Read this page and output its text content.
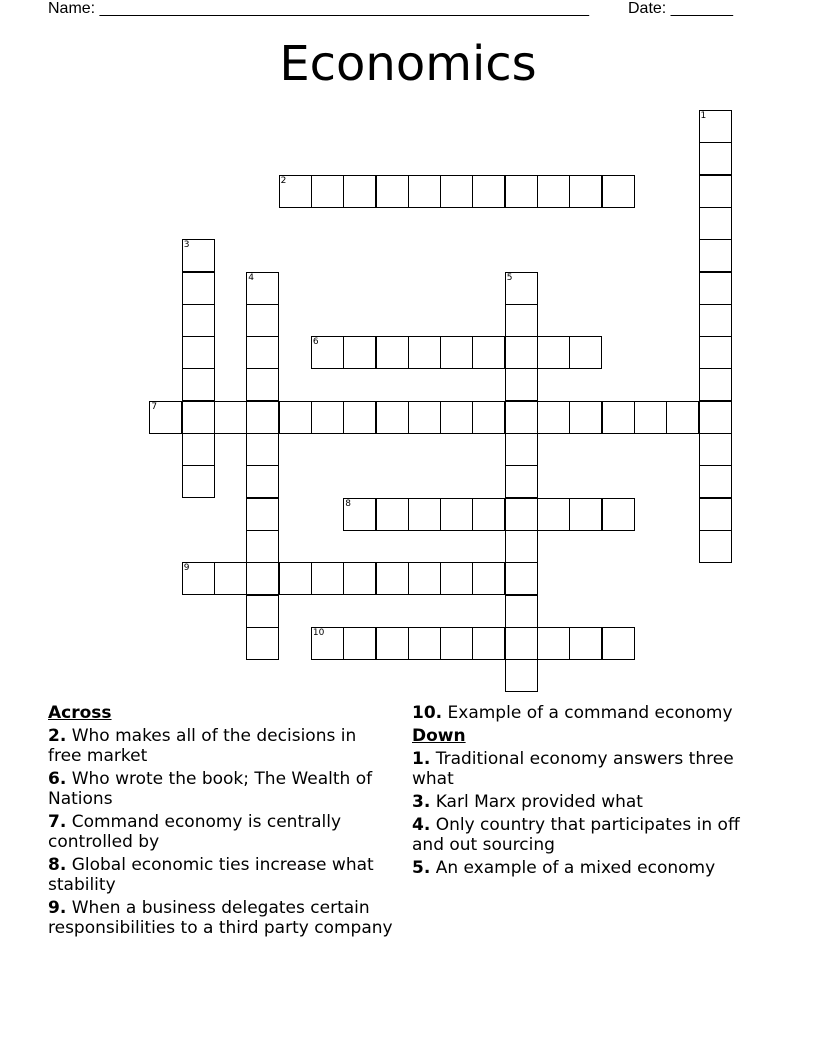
Name: _______________________________________________________ Date: _______
Economics
2
6
7
8
9
10
1
3
4	5
Across
2. Who makes all of the decisions in free market
6. Who wrote the book; The Wealth of Nations
7. Command economy is centrally controlled by
8. Global economic ties increase what stability
9. When a business delegates certain responsibilities to a third party company
10. Example of a command economy
Down
1. Traditional economy answers three what
3. Karl Marx provided what
4. Only country that participates in off and out sourcing
5. An example of a mixed economy
